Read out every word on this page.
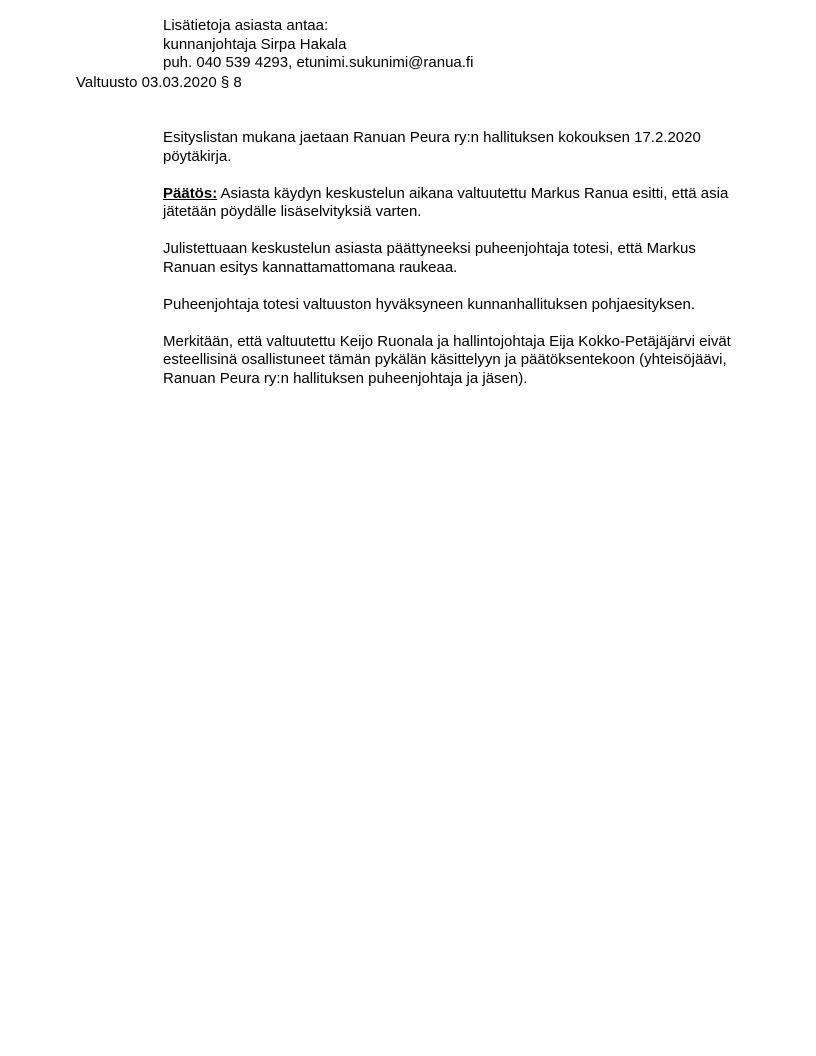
Lisätietoja asiasta antaa:
kunnanjohtaja Sirpa Hakala
puh. 040 539 4293, etunimi.sukunimi@ranua.fi
Valtuusto 03.03.2020 § 8

Esityslistan mukana jaetaan Ranuan Peura ry:n hallituksen kokouksen 17.2.2020 pöytäkirja.

Päätös: Asiasta käydyn keskustelun aikana valtuutettu Markus Ranua esitti, että asia jätetään pöydälle lisäselvityksiä varten.

Julistettuaan keskustelun asiasta päättyneeksi puheenjohtaja totesi, että Markus Ranuan esitys kannattamattomana raukeaa.

Puheenjohtaja totesi valtuuston hyväksyneen kunnanhallituksen pohjaesityksen.

Merkitään, että valtuutettu Keijo Ruonala ja hallintojohtaja Eija Kokko-Petäjäjärvi eivät esteellisinä osallistuneet tämän pykälän käsittelyyn ja päätöksentekoon (yhteisöjäävi, Ranuan Peura ry:n hallituksen puheenjohtaja ja jäsen).
